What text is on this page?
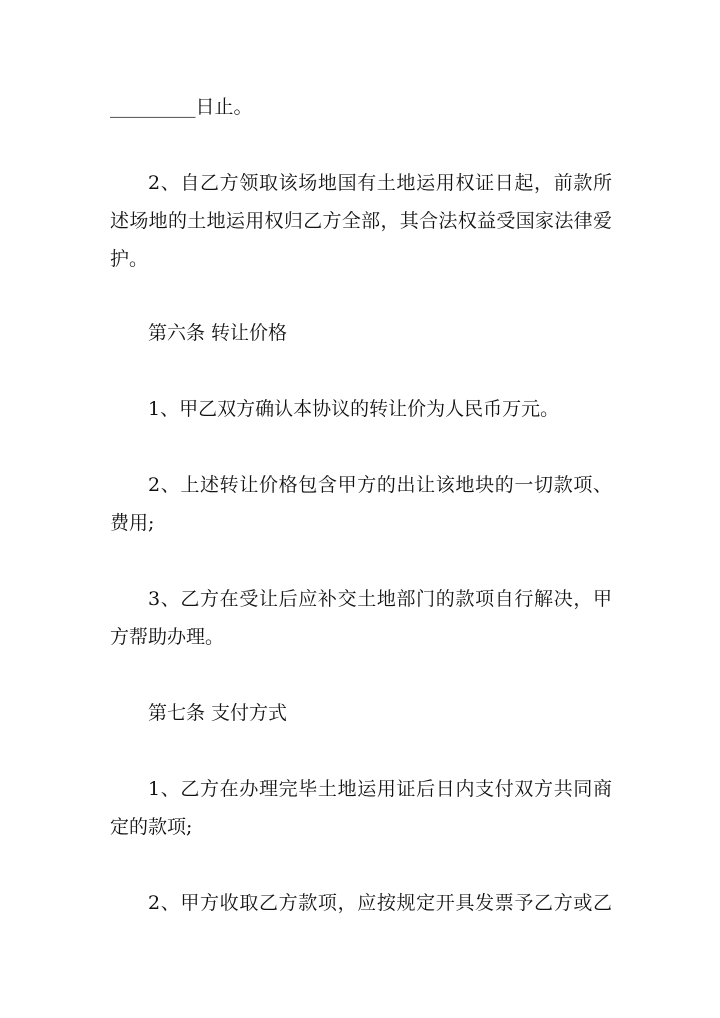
_________日止。
2、自乙方领取该场地国有土地运用权证日起，前款所
述场地的土地运用权归乙方全部，其合法权益受国家法律爱
护。
第六条 转让价格
1、甲乙双方确认本协议的转让价为人民币万元。
2、上述转让价格包含甲方的出让该地块的一切款项、
费用;
3、乙方在受让后应补交土地部门的款项自行解决，甲
方帮助办理。
第七条 支付方式
1、乙方在办理完毕土地运用证后日内支付双方共同商
定的款项;
2、甲方收取乙方款项，应按规定开具发票予乙方或乙
